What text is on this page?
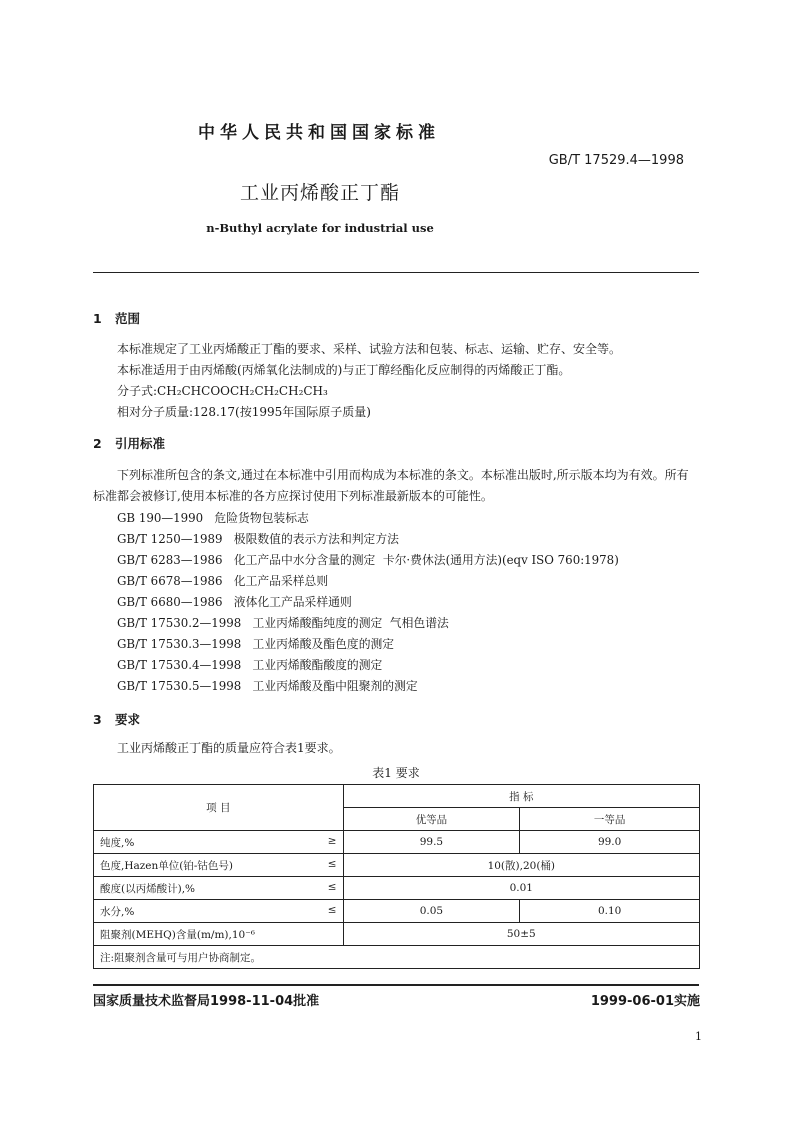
中华人民共和国国家标准
GB/T 17529.4—1998
工业丙烯酸正丁酯
n-Buthyl acrylate for industrial use
1 范围
本标准规定了工业丙烯酸正丁酯的要求、采样、试验方法和包装、标志、运输、贮存、安全等。
本标准适用于由丙烯酸(丙烯氧化法制成的)与正丁醇经酯化反应制得的丙烯酸正丁酯。
分子式:CH₂CHCOOCH₂CH₂CH₂CH₃
相对分子质量:128.17(按1995年国际原子质量)
2 引用标准
下列标准所包含的条文,通过在本标准中引用而构成为本标准的条文。本标准出版时,所示版本均为有效。所有标准都会被修订,使用本标准的各方应探讨使用下列标准最新版本的可能性。
GB 190—1990   危险货物包装标志
GB/T 1250—1989   极限数值的表示方法和判定方法
GB/T 6283—1986   化工产品中水分含量的测定  卡尔·费休法(通用方法)(eqv ISO 760:1978)
GB/T 6678—1986   化工产品采样总则
GB/T 6680—1986   液体化工产品采样通则
GB/T 17530.2—1998   工业丙烯酸酯纯度的测定  气相色谱法
GB/T 17530.3—1998   工业丙烯酸及酯色度的测定
GB/T 17530.4—1998   工业丙烯酸酯酸度的测定
GB/T 17530.5—1998   工业丙烯酸及酯中阻聚剂的测定
3 要求
工业丙烯酸正丁酯的质量应符合表1要求。
表1 要求
项 目	指 标	
	优等品	一等品
纯度,% ≥	99.5	99.0
色度,Hazen单位(铂-钴色号) ≤	10(散),20(桶)	
酸度(以丙烯酸计),% ≤	0.01	
水分,% ≤	0.05	0.10
阻聚剂(MEHQ)含量(m/m),10⁻⁶	50±5	
注:阻聚剂含量可与用户协商制定。		
国家质量技术监督局1998-11-04批准	1999-06-01实施
1
